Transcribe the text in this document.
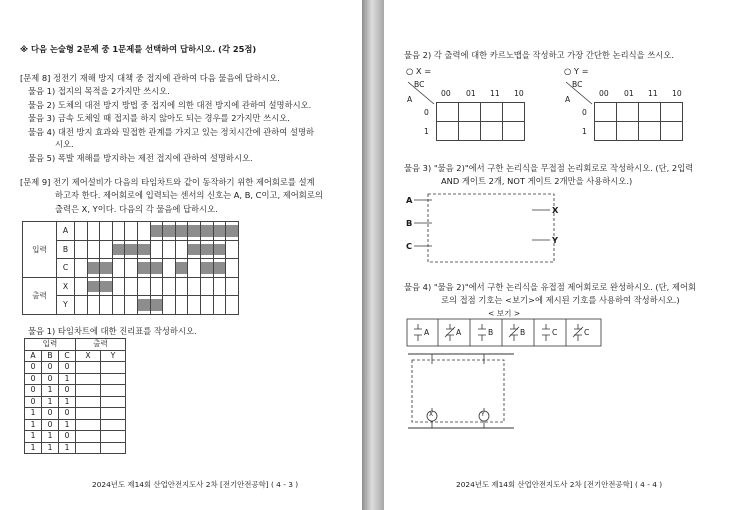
※ 다음 논술형 2문제 중 1문제를 선택하여 답하시오. (각 25점)
[문제 8] 정전기 재해 방지 대책 중 접지에 관하여 다음 물음에 답하시오.
물음 1) 접지의 목적을 2가지만 쓰시오.
물음 2) 도체의 대전 방지 방법 중 접지에 의한 대전 방지에 관하여 설명하시오.
물음 3) 금속 도체일 때 접지를 하지 않아도 되는 경우를 2가지만 쓰시오.
물음 4) 대전 방지 효과와 밀접한 관계를 가지고 있는 정치시간에 관하여 설명하
시오.
물음 5) 폭발 재해를 방지하는 제전 접지에 관하여 설명하시오.
[문제 9] 전기 제어설비가 다음의 타임차트와 같이 동작하기 위한 제어회로를 설계
하고자 한다. 제어회로에 입력되는 센서의 신호는 A, B, C이고, 제어회로의
출력은 X, Y이다. 다음의 각 물음에 답하시오.
입력	A							

	B				

	C		

출력	X		

	Y						

물음 1) 타임차트에 대한 진리표를 작성하시오.
입력			출력	
A	B	C	X	Y
0	0	0		
0	0	1		
0	1	0		
0	1	1		
1	0	0		
1	0	1		
1	1	0		
1	1	1		
2024년도 제14회 산업안전지도사 2차 [전기안전공학] ( 4 - 3 )
물음 2) 각 출력에 대한 카르노맵을 작성하고 가장 간단한 논리식을 쓰시오.
○ X =
BC
A
00 01 11 10
0
1

○ Y =
BC
A
00 01 11 10
0
1

물음 3) "물음 2)"에서 구한 논리식을 무접점 논리회로로 작성하시오. (단, 2입력
AND 게이트 2개, NOT 게이트 2개만을 사용하시오.)
A
B
C
X
Y
물음 4) "물음 2)"에서 구한 논리식을 유접점 제어회로로 완성하시오. (단, 제어회
로의 접점 기호는 <보기>에 제시된 기호를 사용하여 작성하시오.)
< 보기 >
A	A	B	B	C	C
X	Y
2024년도 제14회 산업안전지도사 2차 [전기안전공학] ( 4 - 4 )
